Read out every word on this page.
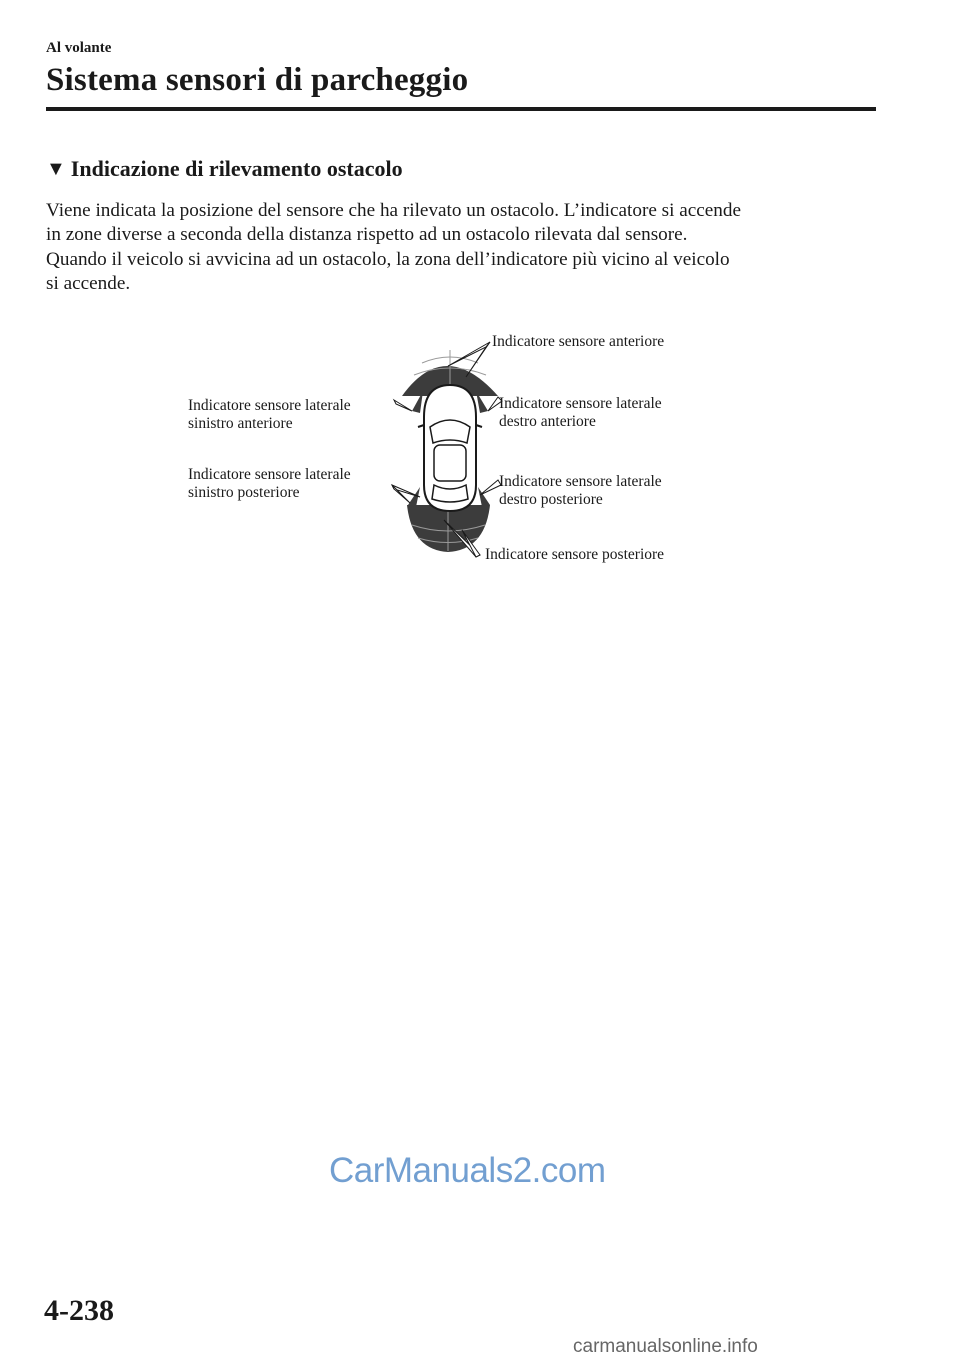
Al volante
Sistema sensori di parcheggio
▼ Indicazione di rilevamento ostacolo
Viene indicata la posizione del sensore che ha rilevato un ostacolo. L’indicatore si accende
in zone diverse a seconda della distanza rispetto ad un ostacolo rilevata dal sensore.
Quando il veicolo si avvicina ad un ostacolo, la zona dell’indicatore più vicino al veicolo
si accende.
Indicatore sensore anteriore
Indicatore sensore laterale
sinistro anteriore
Indicatore sensore laterale
destro anteriore
Indicatore sensore laterale
sinistro posteriore
Indicatore sensore laterale
destro posteriore
Indicatore sensore posteriore
CarManuals2.com
4-238
carmanualsonline.info
